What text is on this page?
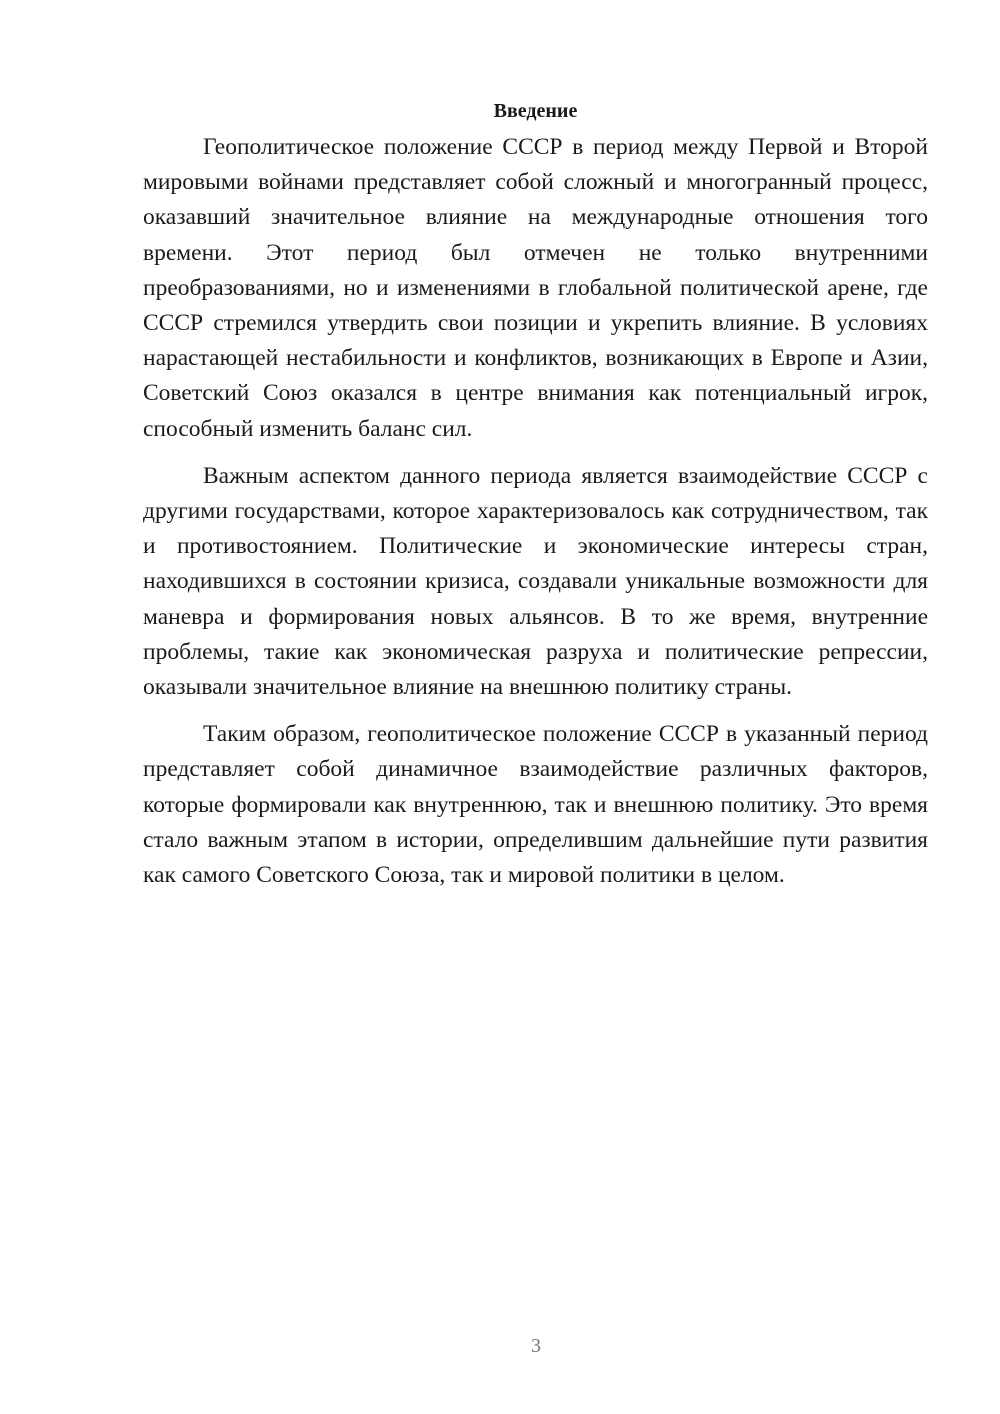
Введение

Геополитическое положение СССР в период между Первой и Второй мировыми войнами представляет собой сложный и многогранный процесс, оказавший значительное влияние на международные отношения того времени. Этот период был отмечен не только внутренними преобразованиями, но и изменениями в глобальной политической арене, где СССР стремился утвердить свои позиции и укрепить влияние. В условиях нарастающей нестабильности и конфликтов, возникающих в Европе и Азии, Советский Союз оказался в центре внимания как потенциальный игрок, способный изменить баланс сил.

Важным аспектом данного периода является взаимодействие СССР с другими государствами, которое характеризовалось как сотрудничеством, так и противостоянием. Политические и экономические интересы стран, находившихся в состоянии кризиса, создавали уникальные возможности для маневра и формирования новых альянсов. В то же время, внутренние проблемы, такие как экономическая разруха и политические репрессии, оказывали значительное влияние на внешнюю политику страны.

Таким образом, геополитическое положение СССР в указанный период представляет собой динамичное взаимодействие различных факторов, которые формировали как внутреннюю, так и внешнюю политику. Это время стало важным этапом в истории, определившим дальнейшие пути развития как самого Советского Союза, так и мировой политики в целом.

3
